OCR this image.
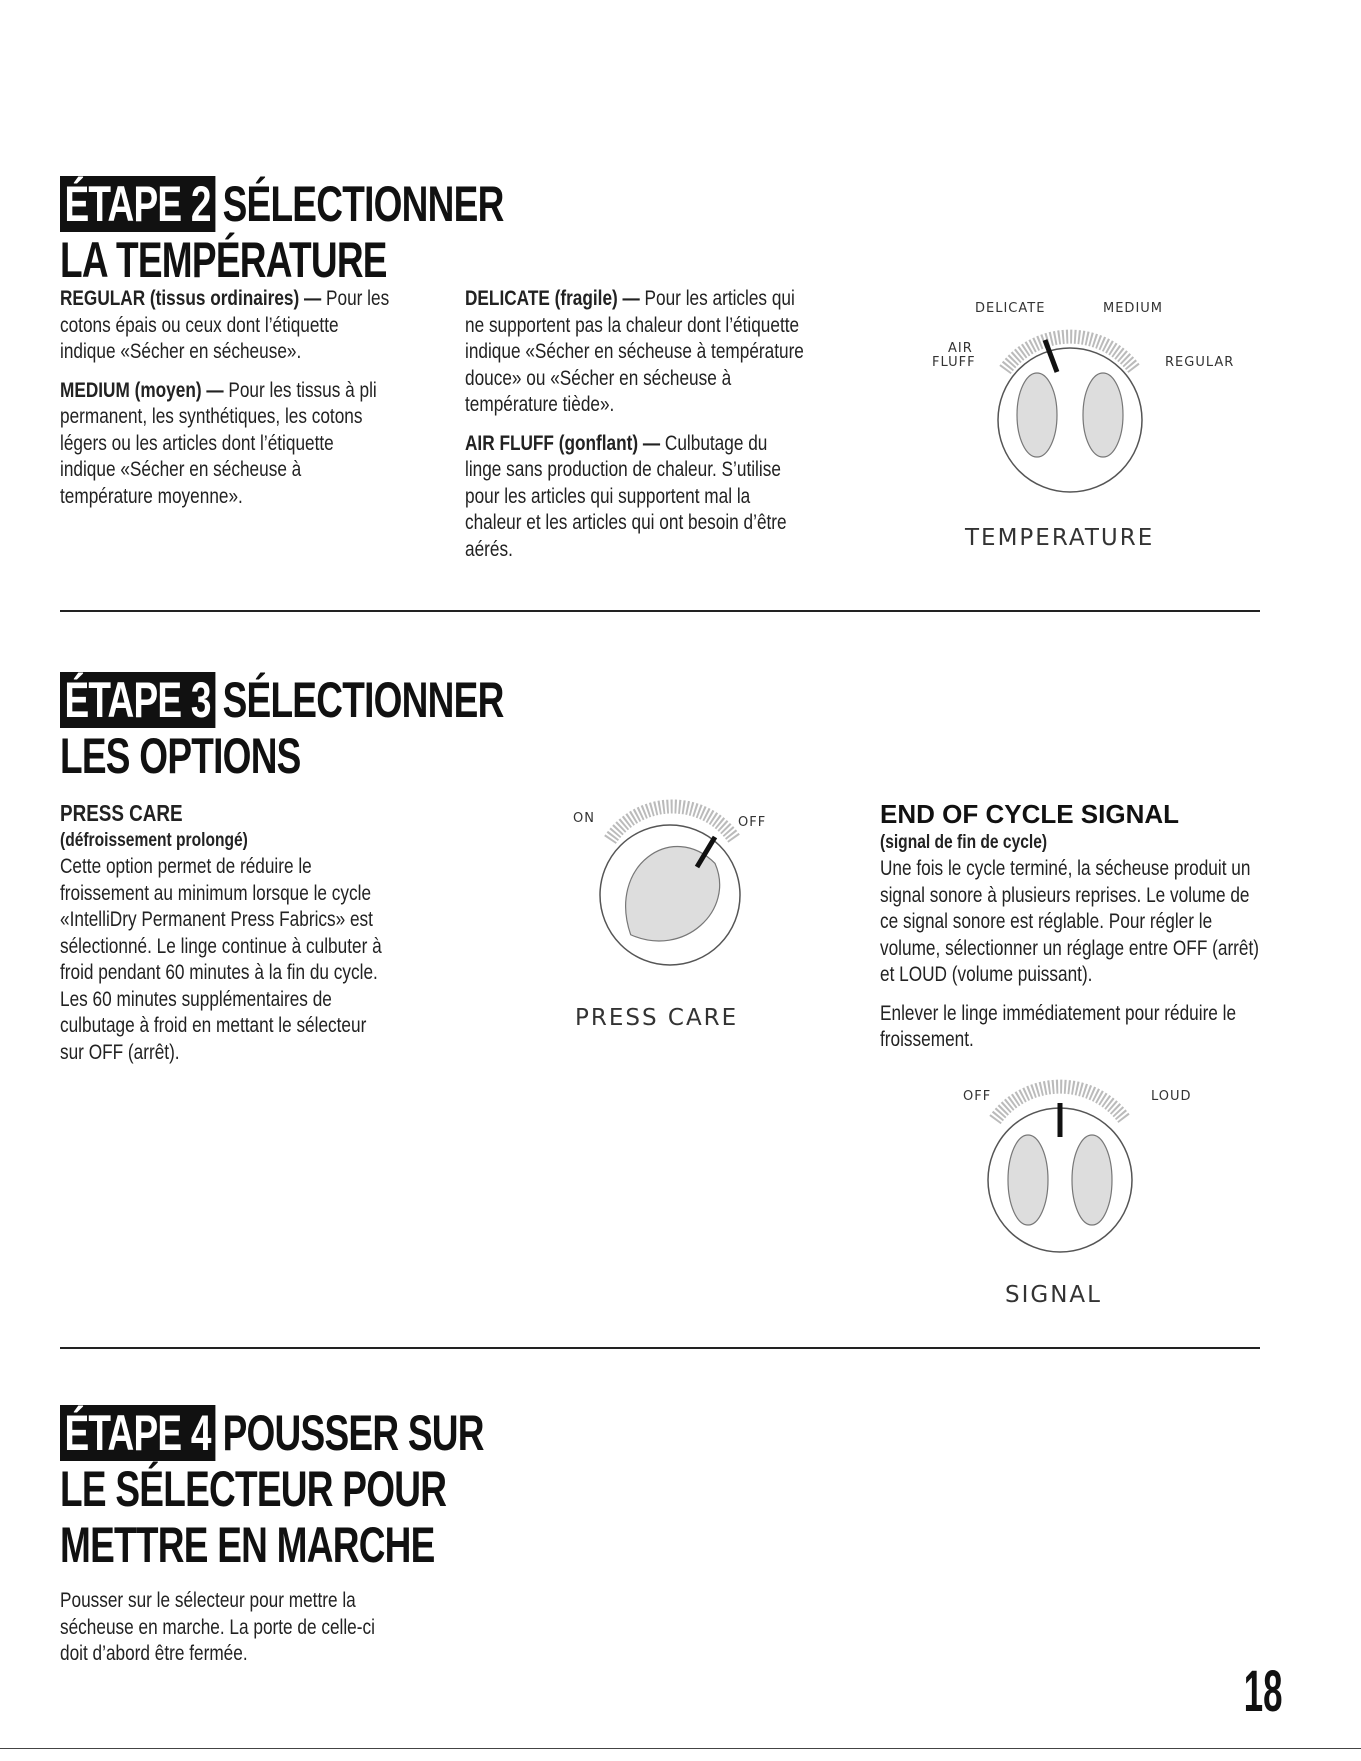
ÉTAPE 2 SÉLECTIONNER
LA TEMPÉRATURE

REGULAR (tissus ordinaires) — Pour les cotons épais ou ceux dont l’étiquette indique «Sécher en sécheuse».

MEDIUM (moyen) — Pour les tissus à pli permanent, les synthétiques, les cotons légers ou les articles dont l’étiquette indique «Sécher en sécheuse à température moyenne».

DELICATE (fragile) — Pour les articles qui ne supportent pas la chaleur dont l’étiquette indique «Sécher en sécheuse à température douce» ou «Sécher en sécheuse à température tiède».

AIR FLUFF (gonflant) — Culbutage du linge sans production de chaleur. S’utilise pour les articles qui supportent mal la chaleur et les articles qui ont besoin d’être aérés.

DELICATE	MEDIUM
AIR
FLUFF	REGULAR
TEMPERATURE
ÉTAPE 3 SÉLECTIONNER
LES OPTIONS
PRESS CARE
(défroissement prolongé)

Cette option permet de réduire le froissement au minimum lorsque le cycle «IntelliDry Permanent Press Fabrics» est sélectionné. Le linge continue à culbuter à froid pendant 60 minutes à la fin du cycle. Les 60 minutes supplémentaires de culbutage à froid en mettant le sélecteur sur OFF (arrêt).

ON	OFF
PRESS CARE
END OF CYCLE SIGNAL
(signal de fin de cycle)

Une fois le cycle terminé, la sécheuse produit un signal sonore à plusieurs reprises. Le volume de ce signal sonore est réglable. Pour régler le volume, sélectionner un réglage entre OFF (arrêt) et LOUD (volume puissant).

Enlever le linge immédiatement pour réduire le froissement.

OFF	LOUD
SIGNAL
ÉTAPE 4 POUSSER SUR
LE SÉLECTEUR POUR
METTRE EN MARCHE
Pousser sur le sélecteur pour mettre la sécheuse en marche. La porte de celle-ci doit d’abord être fermée.
18
